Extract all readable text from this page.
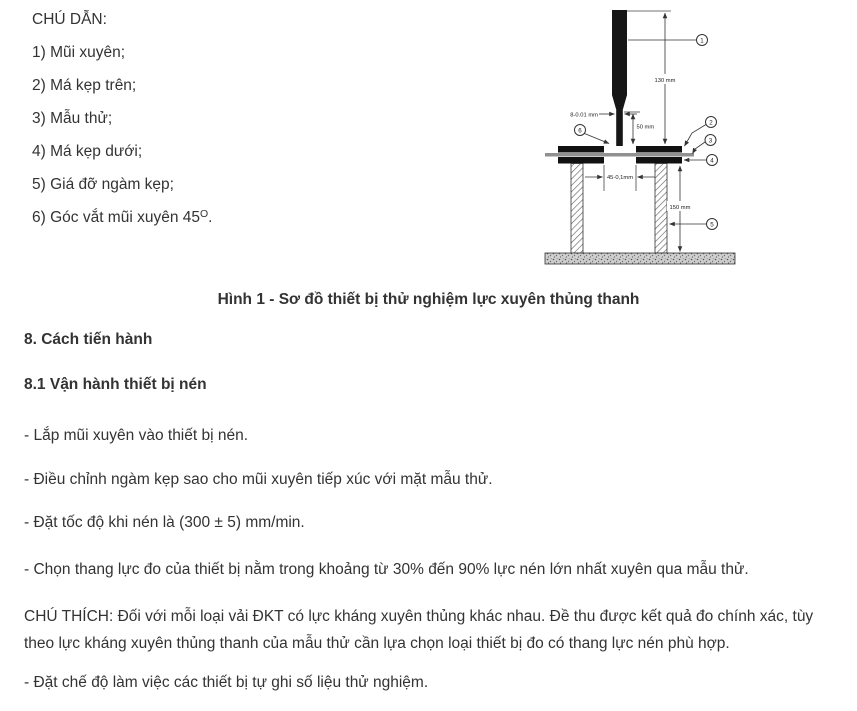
CHÚ DẪN:
1) Mũi xuyên;
2) Má kẹp trên;
3) Mẫu thử;
4) Má kẹp dưới;
5) Giá đỡ ngàm kẹp;
6) Góc vắt mũi xuyên $45^O$.
130 mm
50 mm
8-0.01 mm
45-0,1mm
150 mm
1
2
3
4
5
6
Hình 1 - Sơ đồ thiết bị thử nghiệm lực xuyên thủng thanh
8. Cách tiến hành
8.1 Vận hành thiết bị nén
- Lắp mũi xuyên vào thiết bị nén.
- Điều chỉnh ngàm kẹp sao cho mũi xuyên tiếp xúc với mặt mẫu thử.
- Đặt tốc độ khi nén là (300 ± 5) mm/min.
- Chọn thang lực đo của thiết bị nằm trong khoảng từ 30% đến 90% lực nén lớn nhất xuyên qua mẫu thử.
CHÚ THÍCH: Đối với mỗi loại vải ĐKT có lực kháng xuyên thủng khác nhau. Đề thu được kết quả đo chính xác, tùy theo lực kháng xuyên thủng thanh của mẫu thử cần lựa chọn loại thiết bị đo có thang lực nén phù hợp.
- Đặt chế độ làm việc các thiết bị tự ghi số liệu thử nghiệm.
